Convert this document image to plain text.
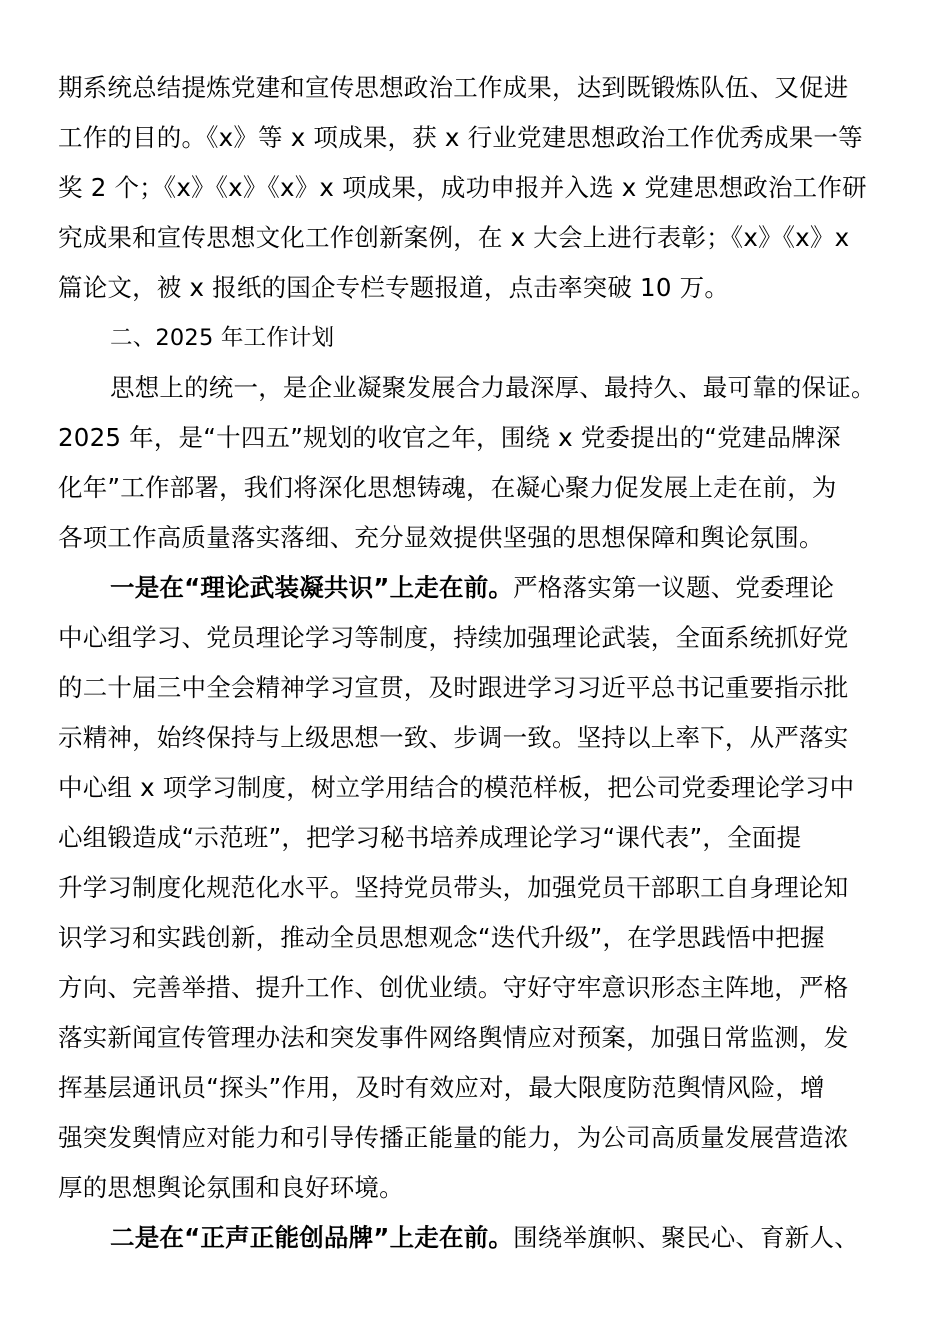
期系统总结提炼党建和宣传思想政治工作成果，达到既锻炼队伍、又促进
工作的目的。《x》等 x 项成果，获 x 行业党建思想政治工作优秀成果一等
奖 2 个；《x》《x》《x》x 项成果，成功申报并入选 x 党建思想政治工作研
究成果和宣传思想文化工作创新案例，在 x 大会上进行表彰；《x》《x》x
篇论文，被 x 报纸的国企专栏专题报道，点击率突破 10 万。
二、2025 年工作计划
思想上的统一，是企业凝聚发展合力最深厚、最持久、最可靠的保证。
2025 年，是“十四五”规划的收官之年，围绕 x 党委提出的“党建品牌深
化年”工作部署，我们将深化思想铸魂，在凝心聚力促发展上走在前，为
各项工作高质量落实落细、充分显效提供坚强的思想保障和舆论氛围。
一是在“理论武装凝共识”上走在前。严格落实第一议题、党委理论
中心组学习、党员理论学习等制度，持续加强理论武装，全面系统抓好党
的二十届三中全会精神学习宣贯，及时跟进学习习近平总书记重要指示批
示精神，始终保持与上级思想一致、步调一致。坚持以上率下，从严落实
中心组 x 项学习制度，树立学用结合的模范样板，把公司党委理论学习中
心组锻造成“示范班”，把学习秘书培养成理论学习“课代表”，全面提
升学习制度化规范化水平。坚持党员带头，加强党员干部职工自身理论知
识学习和实践创新，推动全员思想观念“迭代升级”，在学思践悟中把握
方向、完善举措、提升工作、创优业绩。守好守牢意识形态主阵地，严格
落实新闻宣传管理办法和突发事件网络舆情应对预案，加强日常监测，发
挥基层通讯员“探头”作用，及时有效应对，最大限度防范舆情风险，增
强突发舆情应对能力和引导传播正能量的能力，为公司高质量发展营造浓
厚的思想舆论氛围和良好环境。
二是在“正声正能创品牌”上走在前。围绕举旗帜、聚民心、育新人、
